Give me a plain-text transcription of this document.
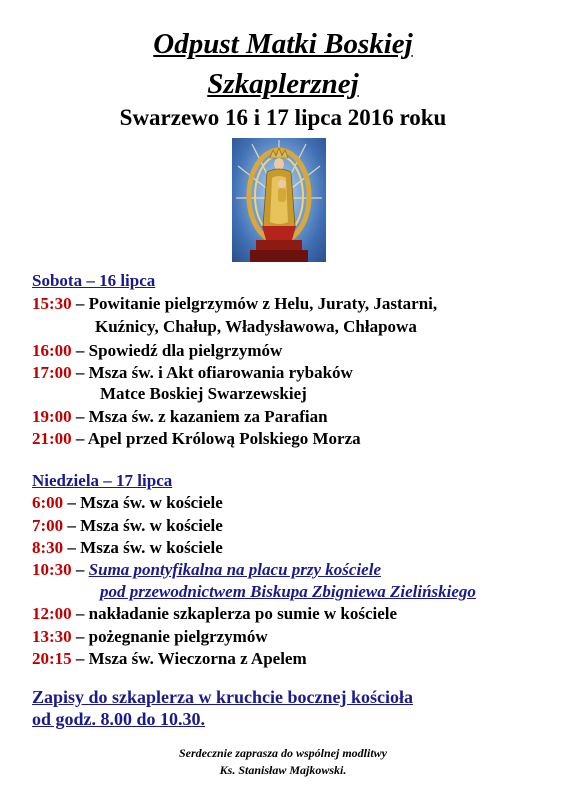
Odpust Matki Boskiej
Szkaplerznej
Swarzewo 16 i 17 lipca 2016 roku
Sobota – 16 lipca
15:30 – Powitanie pielgrzymów z Helu, Juraty, Jastarni,
Kuźnicy, Chałup, Władysławowa, Chłapowa
16:00 – Spowiedź dla pielgrzymów
17:00 – Msza św. i Akt ofiarowania rybaków
Matce Boskiej Swarzewskiej
19:00 – Msza św. z kazaniem za Parafian
21:00 – Apel przed Królową Polskiego Morza
Niedziela – 17 lipca
6:00 – Msza św. w kościele
7:00 – Msza św. w kościele
8:30 – Msza św. w kościele
10:30 – Suma pontyfikalna na placu przy kościele
pod przewodnictwem Biskupa Zbigniewa Zielińskiego
12:00 – nakładanie szkaplerza po sumie w kościele
13:30 – pożegnanie pielgrzymów
20:15 – Msza św. Wieczorna z Apelem
Zapisy do szkaplerza w kruchcie bocznej kościoła
od godz. 8.00 do 10.30.
Serdecznie zaprasza do wspólnej modlitwy
Ks. Stanisław Majkowski.
